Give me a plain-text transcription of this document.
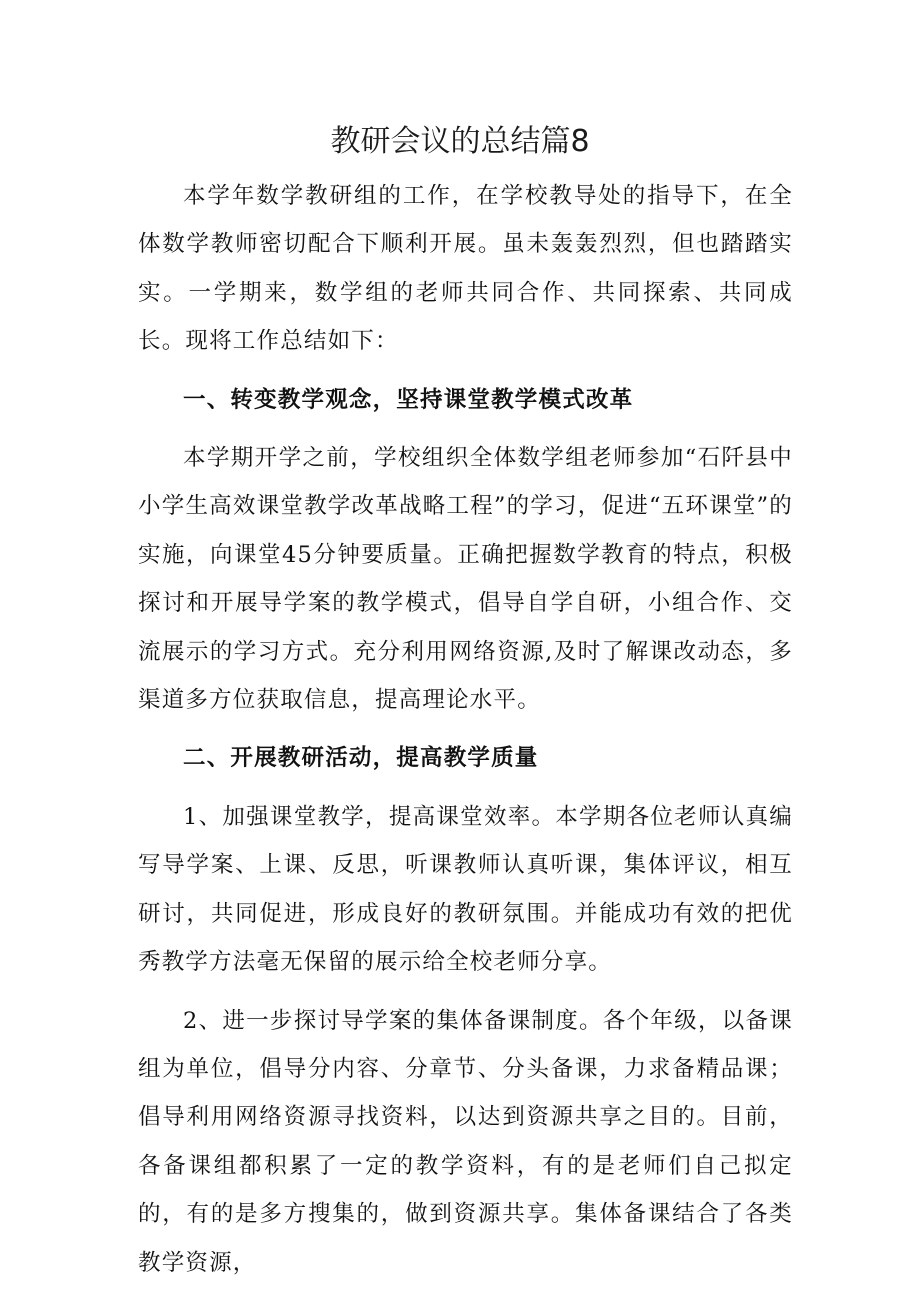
教研会议的总结篇8

本学年数学教研组的工作，在学校教导处的指导下，在全体数学教师密切配合下顺利开展。虽未轰轰烈烈，但也踏踏实实。一学期来，数学组的老师共同合作、共同探索、共同成长。现将工作总结如下：

一、转变教学观念，坚持课堂教学模式改革

本学期开学之前，学校组织全体数学组老师参加“石阡县中小学生高效课堂教学改革战略工程”的学习，促进“五环课堂”的实施，向课堂45分钟要质量。正确把握数学教育的特点，积极探讨和开展导学案的教学模式，倡导自学自研，小组合作、交流展示的学习方式。充分利用网络资源,及时了解课改动态，多渠道多方位获取信息，提高理论水平。

二、开展教研活动，提高教学质量

1、加强课堂教学，提高课堂效率。本学期各位老师认真编写导学案、上课、反思，听课教师认真听课，集体评议，相互研讨，共同促进，形成良好的教研氛围。并能成功有效的把优秀教学方法毫无保留的展示给全校老师分享。

2、进一步探讨导学案的集体备课制度。各个年级，以备课组为单位，倡导分内容、分章节、分头备课，力求备精品课；倡导利用网络资源寻找资料，以达到资源共享之目的。目前，各备课组都积累了一定的教学资料，有的是老师们自己拟定的，有的是多方搜集的，做到资源共享。集体备课结合了各类教学资源，
